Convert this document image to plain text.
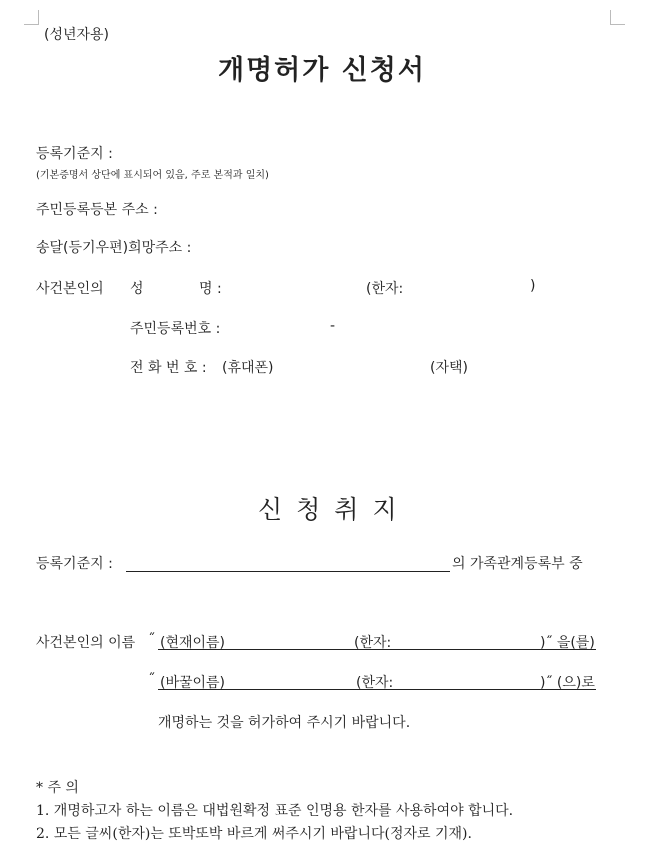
(성년자용)
개명허가 신청서
등록기준지 :
(기본증명서 상단에 표시되어 있음, 주로 본적과 일치)
주민등록등본 주소 :
송달(등기우편)희망주소 :
사건본인의 성	명 :	(한자:	)
주민등록번호 :	-
전 화 번 호 : (휴대폰)	(자택)
신청취지
등록기준지 :	의 가족관계등록부 중
사건본인의 이름 ˝ (현재이름)	(한자:	)˝ 을(를)
˝ (바꿀이름)	(한자:	)˝ (으)로
개명하는 것을 허가하여 주시기 바랍니다.
* 주 의
1. 개명하고자 하는 이름은 대법원확정 표준 인명용 한자를 사용하여야 합니다.
2. 모든 글씨(한자)는 또박또박 바르게 써주시기 바랍니다(정자로 기재).
